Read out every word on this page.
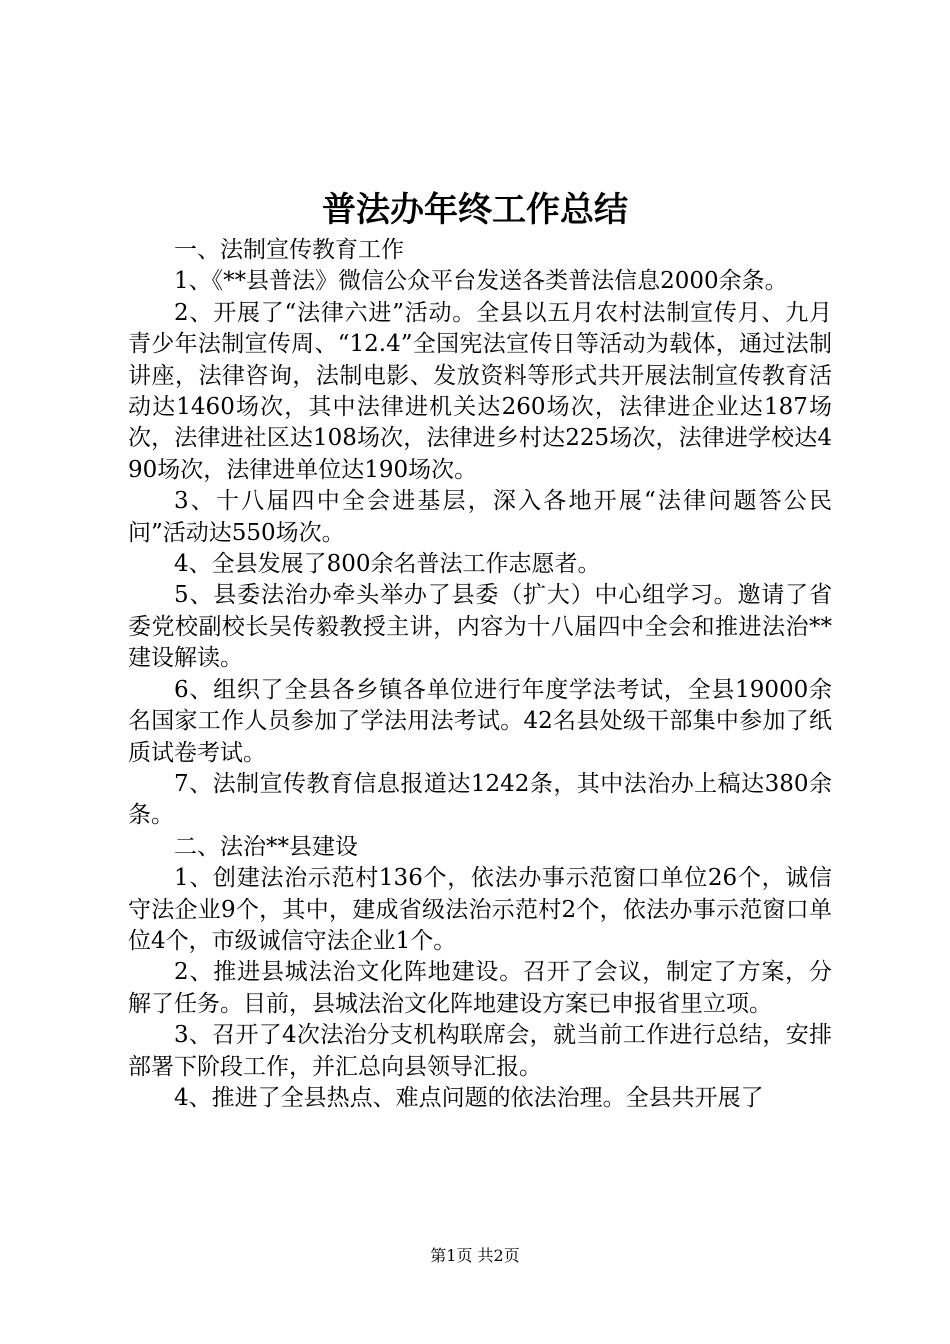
普法办年终工作总结

一、法制宣传教育工作

1、《**县普法》微信公众平台发送各类普法信息2000余条。

2、开展了“法律六进”活动。全县以五月农村法制宣传月、九月青少年法制宣传周、“12.4”全国宪法宣传日等活动为载体，通过法制讲座，法律咨询，法制电影、发放资料等形式共开展法制宣传教育活动达1460场次，其中法律进机关达260场次，法律进企业达187场次，法律进社区达108场次，法律进乡村达225场次，法律进学校达490场次，法律进单位达190场次。

3、十八届四中全会进基层，深入各地开展“法律问题答公民问”活动达550场次。

4、全县发展了800余名普法工作志愿者。

5、县委法治办牵头举办了县委（扩大）中心组学习。邀请了省委党校副校长吴传毅教授主讲，内容为十八届四中全会和推进法治**建设解读。

6、组织了全县各乡镇各单位进行年度学法考试，全县19000余名国家工作人员参加了学法用法考试。42名县处级干部集中参加了纸质试卷考试。

7、法制宣传教育信息报道达1242条，其中法治办上稿达380余条。

二、法治**县建设

1、创建法治示范村136个，依法办事示范窗口单位26个，诚信守法企业9个，其中，建成省级法治示范村2个，依法办事示范窗口单位4个，市级诚信守法企业1个。

2、推进县城法治文化阵地建设。召开了会议，制定了方案，分解了任务。目前，县城法治文化阵地建设方案已申报省里立项。

3、召开了4次法治分支机构联席会，就当前工作进行总结，安排部署下阶段工作，并汇总向县领导汇报。

4、推进了全县热点、难点问题的依法治理。全县共开展了

第1页 共2页
